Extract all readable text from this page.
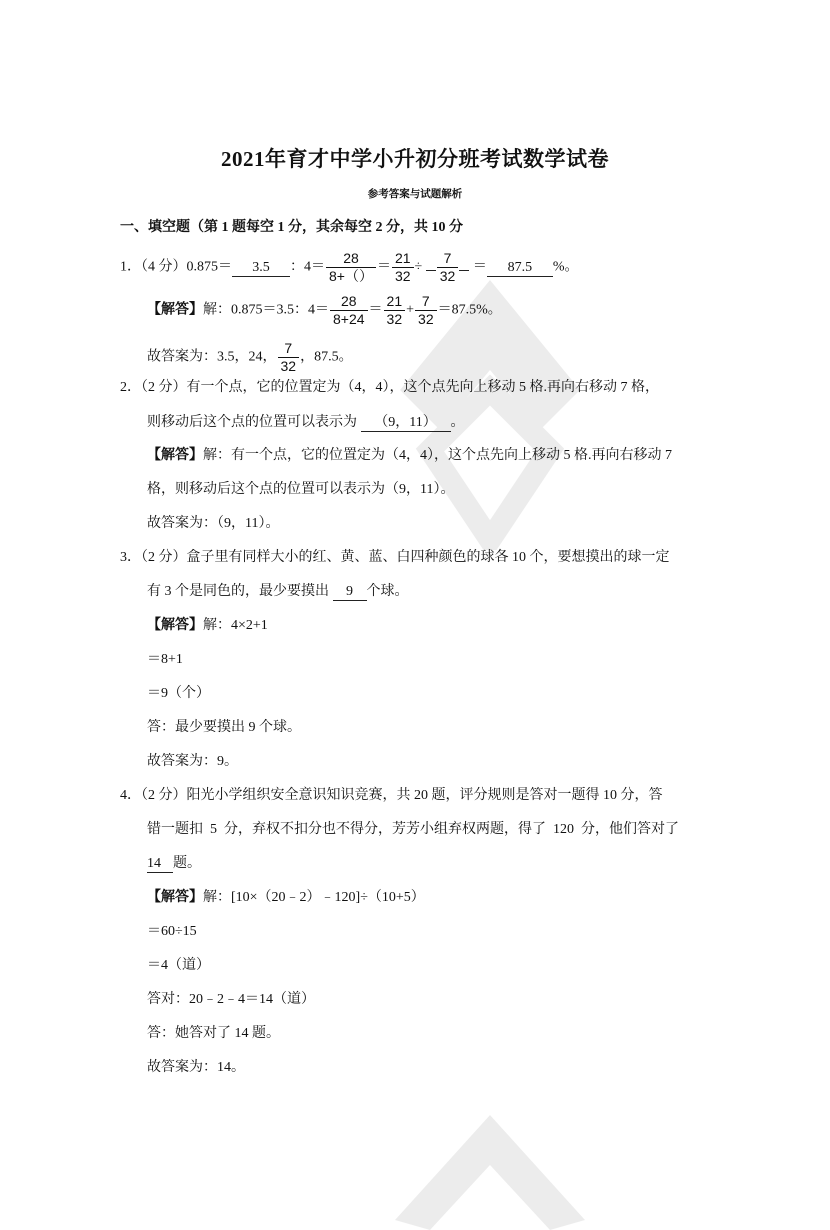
2021年育才中学小升初分班考试数学试卷
参考答案与试题解析
一、填空题（第 1 题每空 1 分，其余每空 2 分，共 10 分
1．（4 分）0.875＝ 3.5 ：$4= \frac{28}{8+()} = \frac{21}{32} \div \frac{7}{32} = 87.5$ %。
【解答】解：0.875＝3.5：$4= \frac{28}{8+24} = \frac{21}{32} + \frac{7}{32} =87.5\%$。
故答案为：3.5，24， $\frac{7}{32}$ ，87.5。
2．（2 分）有一个点，它的位置定为（4，4），这个点先向上移动 5 格.再向右移动 7 格，
则移动后这个点的位置可以表示为 （9，11） 。
【解答】解：有一个点，它的位置定为（4，4），这个点先向上移动 5 格.再向右移动 7
格，则移动后这个点的位置可以表示为（9，11）。
故答案为：（9，11）。
3．（2 分）盒子里有同样大小的红、黄、蓝、白四种颜色的球各 10 个，要想摸出的球一定
有 3 个是同色的，最少要摸出 9 个球。
【解答】解：4×2+1
＝8+1
＝9（个）
答：最少要摸出 9 个球。
故答案为：9。
4．（2 分）阳光小学组织安全意识知识竞赛，共 20 题，评分规则是答对一题得 10 分，答
错一题扣  5  分，弃权不扣分也不得分，芳芳小组弃权两题，得了  120  分，他们答对了
14 题。
【解答】解：[10×（20﹣2）﹣120]÷（10+5）
＝60÷15
＝4（道）
答对：20﹣2﹣4＝14（道）
答：她答对了 14 题。
故答案为：14。
